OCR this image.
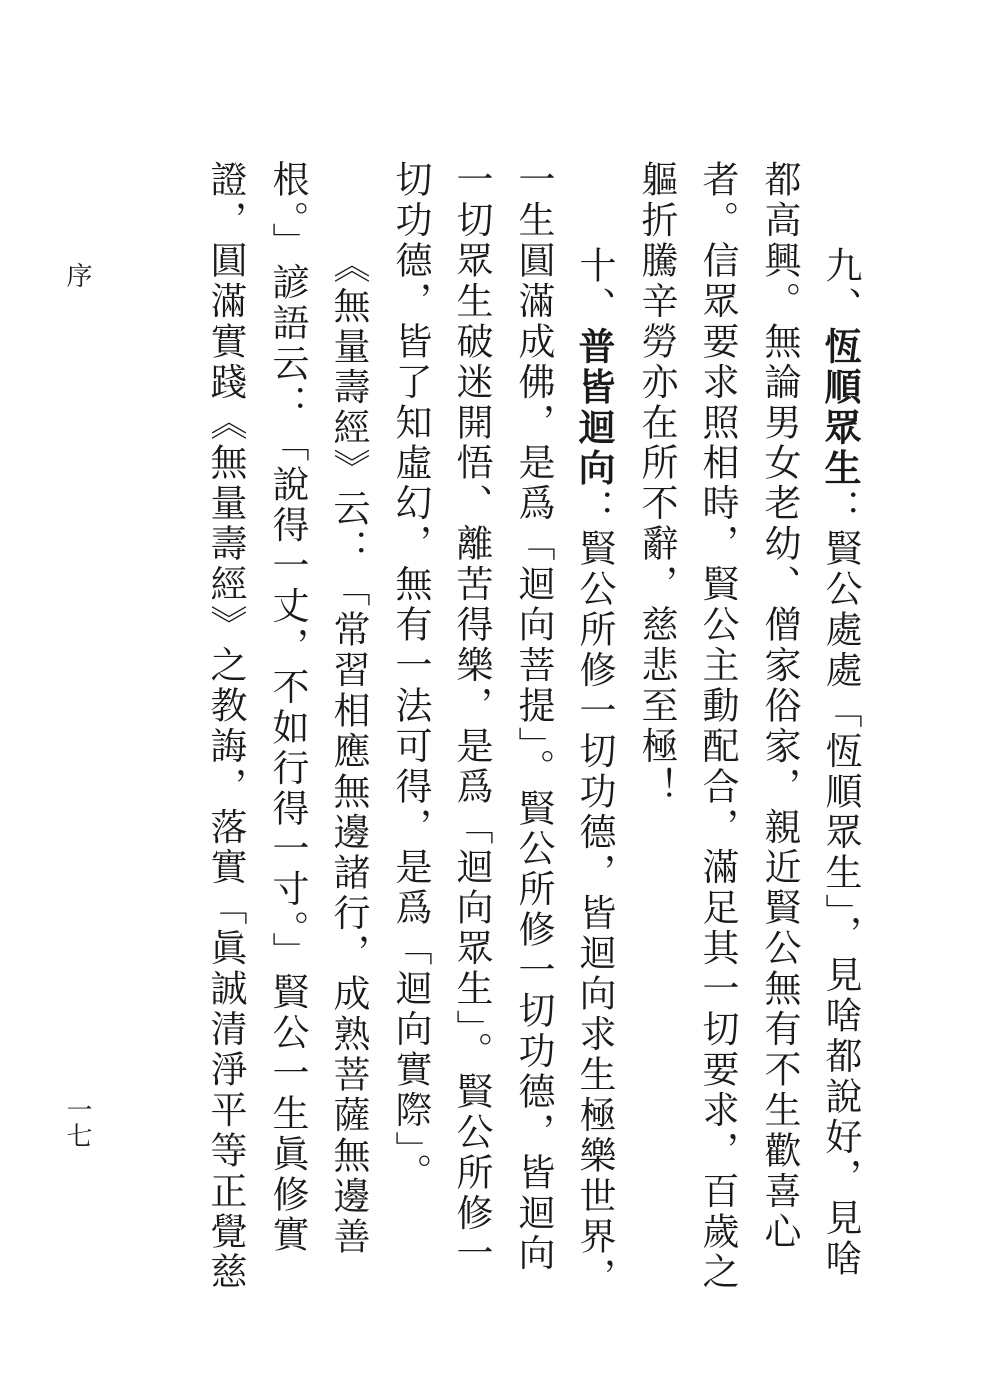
序
一七
九、恆順眾生：賢公處處「恆順眾生」，見啥都說好，見啥
都高興。無論男女老幼、僧家俗家，親近賢公無有不生歡喜心
者。信眾要求照相時，賢公主動配合，滿足其一切要求，百歲之
軀折騰辛勞亦在所不辭，慈悲至極！
十、普皆迴向：賢公所修一切功德，皆迴向求生極樂世界，
一生圓滿成佛，是爲「迴向菩提」。賢公所修一切功德，皆迴向
一切眾生破迷開悟、離苦得樂，是爲「迴向眾生」。賢公所修一
切功德，皆了知虛幻，無有一法可得，是爲「迴向實際」。
《無量壽經》云：「常習相應無邊諸行，成熟菩薩無邊善
根。」諺語云：「說得一丈，不如行得一寸。」賢公一生眞修實
證，圓滿實踐《無量壽經》之教誨，落實「眞誠清淨平等正覺慈
